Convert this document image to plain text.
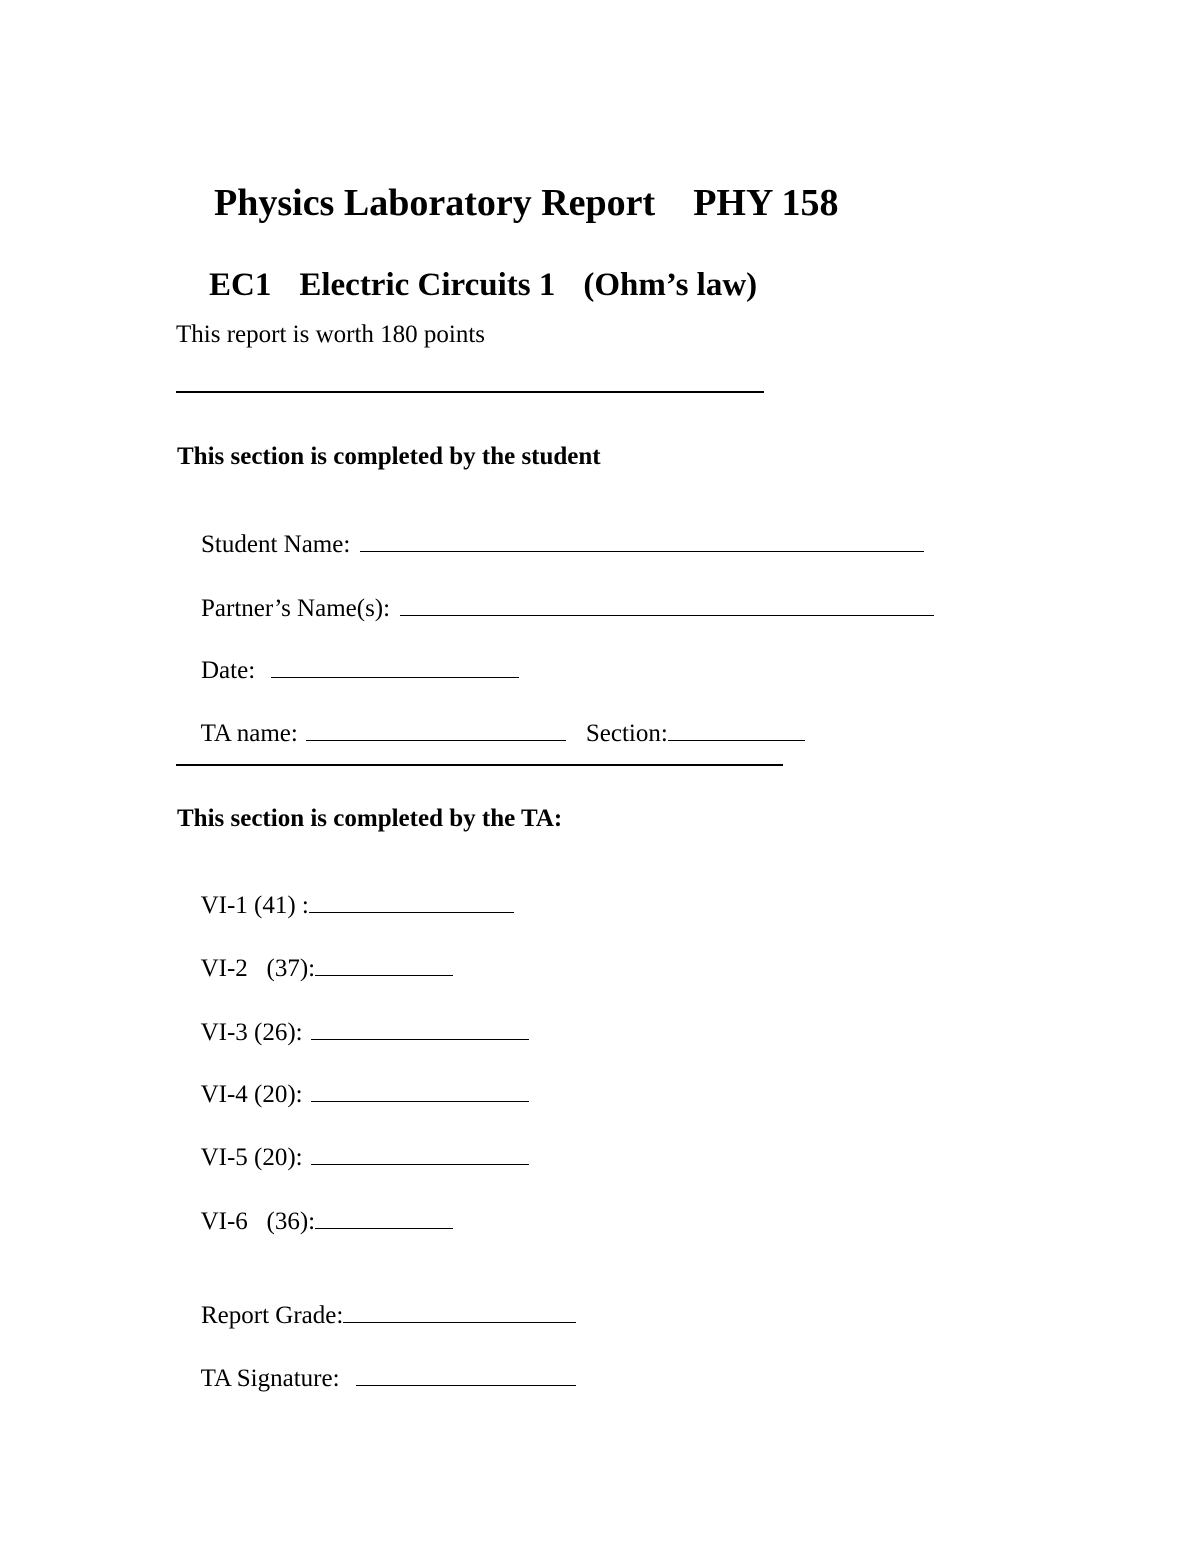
Physics Laboratory Report PHY 158

EC1 Electric Circuits 1 (Ohm’s law)

This report is worth 180 points
This section is completed by the student

Student Name:

Partner’s Name(s):

Date:

TA name:	Section:

This section is completed by the TA:

VI-1 (41) :

VI-2   (37):

VI-3 (26):

VI-4 (20):

VI-5 (20):

VI-6   (36):

Report Grade:

TA Signature:
